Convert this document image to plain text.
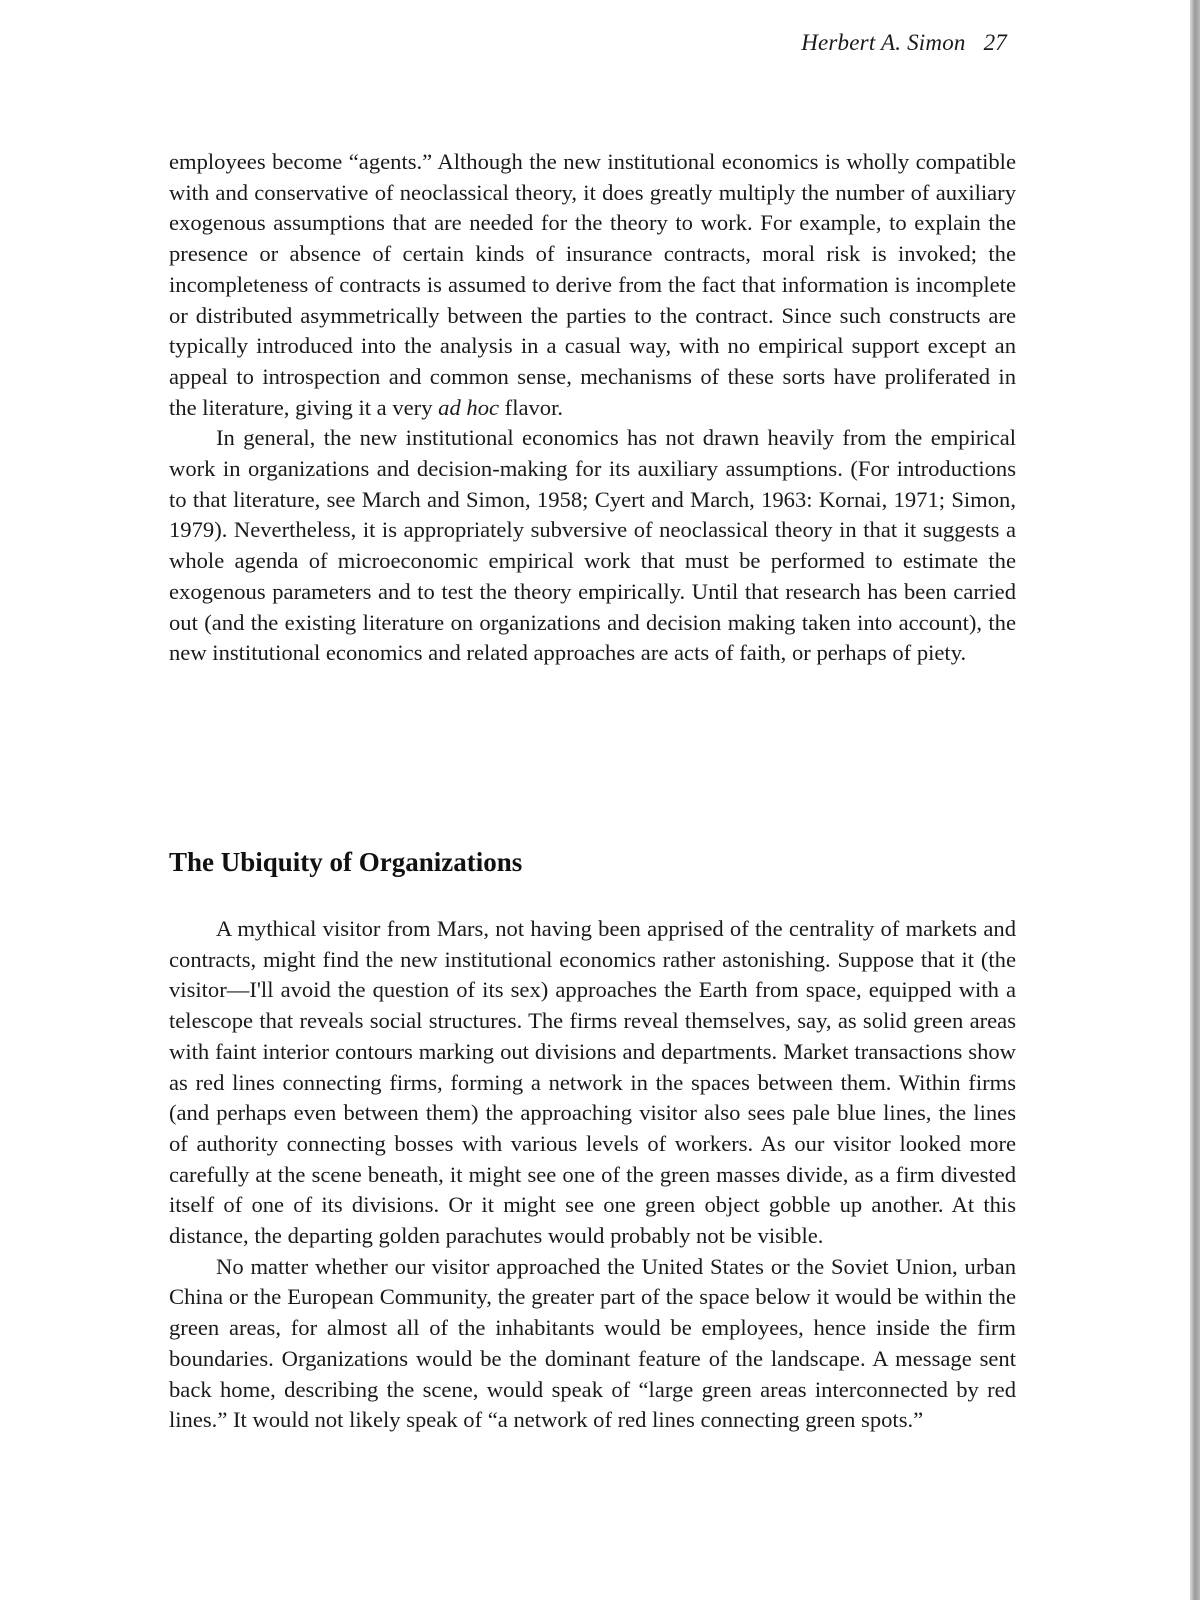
Herbert A. Simon 27

employees become “agents.” Although the new institutional economics is wholly compatible with and conservative of neoclassical theory, it does greatly multiply the number of auxiliary exogenous assumptions that are needed for the theory to work. For example, to explain the presence or absence of certain kinds of insurance contracts, moral risk is invoked; the incompleteness of contracts is assumed to derive from the fact that information is incomplete or distributed asymmetrically between the parties to the contract. Since such constructs are typically introduced into the analysis in a casual way, with no empirical support except an appeal to introspection and common sense, mechanisms of these sorts have proliferated in the literature, giving it a very ad hoc flavor.

In general, the new institutional economics has not drawn heavily from the empirical work in organizations and decision-making for its auxiliary assumptions. (For introductions to that literature, see March and Simon, 1958; Cyert and March, 1963: Kornai, 1971; Simon, 1979). Nevertheless, it is appropriately subversive of neoclassical theory in that it suggests a whole agenda of microeconomic empirical work that must be performed to estimate the exogenous parameters and to test the theory empirically. Until that research has been carried out (and the existing literature on organizations and decision making taken into account), the new institutional economics and related approaches are acts of faith, or perhaps of piety.

The Ubiquity of Organizations

A mythical visitor from Mars, not having been apprised of the centrality of markets and contracts, might find the new institutional economics rather astonishing. Suppose that it (the visitor—I'll avoid the question of its sex) approaches the Earth from space, equipped with a telescope that reveals social structures. The firms reveal themselves, say, as solid green areas with faint interior contours marking out divisions and departments. Market transactions show as red lines connecting firms, forming a network in the spaces between them. Within firms (and perhaps even between them) the approaching visitor also sees pale blue lines, the lines of authority connecting bosses with various levels of workers. As our visitor looked more carefully at the scene beneath, it might see one of the green masses divide, as a firm divested itself of one of its divisions. Or it might see one green object gobble up another. At this distance, the departing golden parachutes would probably not be visible.

No matter whether our visitor approached the United States or the Soviet Union, urban China or the European Community, the greater part of the space below it would be within the green areas, for almost all of the inhabitants would be employees, hence inside the firm boundaries. Organizations would be the dominant feature of the landscape. A message sent back home, describing the scene, would speak of “large green areas interconnected by red lines.” It would not likely speak of “a network of red lines connecting green spots.”
